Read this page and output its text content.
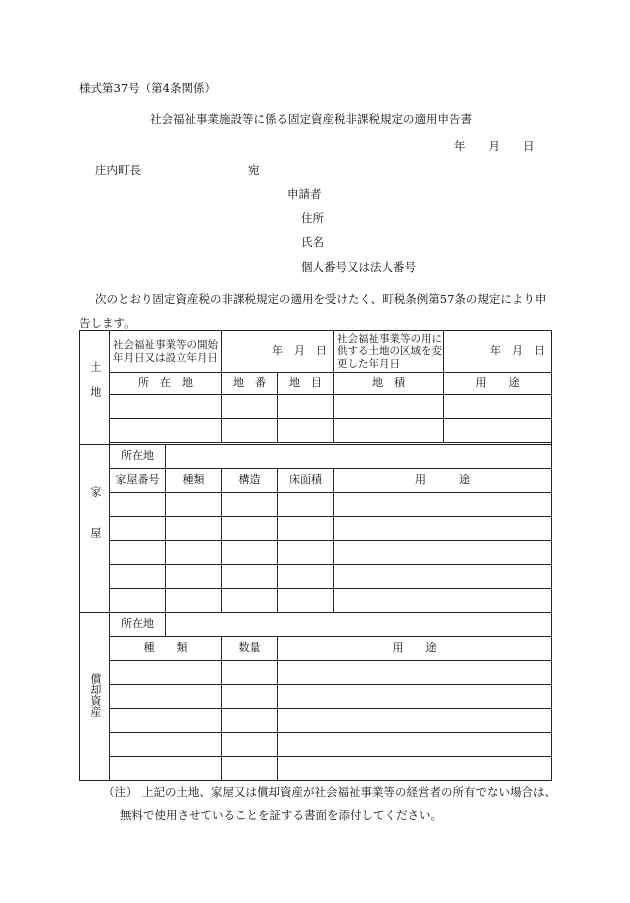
様式第37号（第4条関係）
社会福祉事業施設等に係る固定資産税非課税規定の適用申告書
年　　月　　日
庄内町長	宛
申請者
住所
氏名
個人番号又は法人番号
次のとおり固定資産税の非課税規定の適用を受けたく、町税条例第57条の規定により申
告します。
土地	社会福祉事業等の開始年月日又は設立年月日		年　月　日		社会福祉事業等の用に供する土地の区域を変更した年月日	年　月　日
	所　在　地		地　番	地　目	地　積	用　　途

家屋	所在地					
	家屋番号	種類	構造	床面積	用　　　途	

償却資産	所在地					
	種　　類		数量	用　　途		

（注） 上記の土地、家屋又は償却資産が社会福祉事業等の経営者の所有でない場合は、
無料で使用させていることを証する書面を添付してください。
